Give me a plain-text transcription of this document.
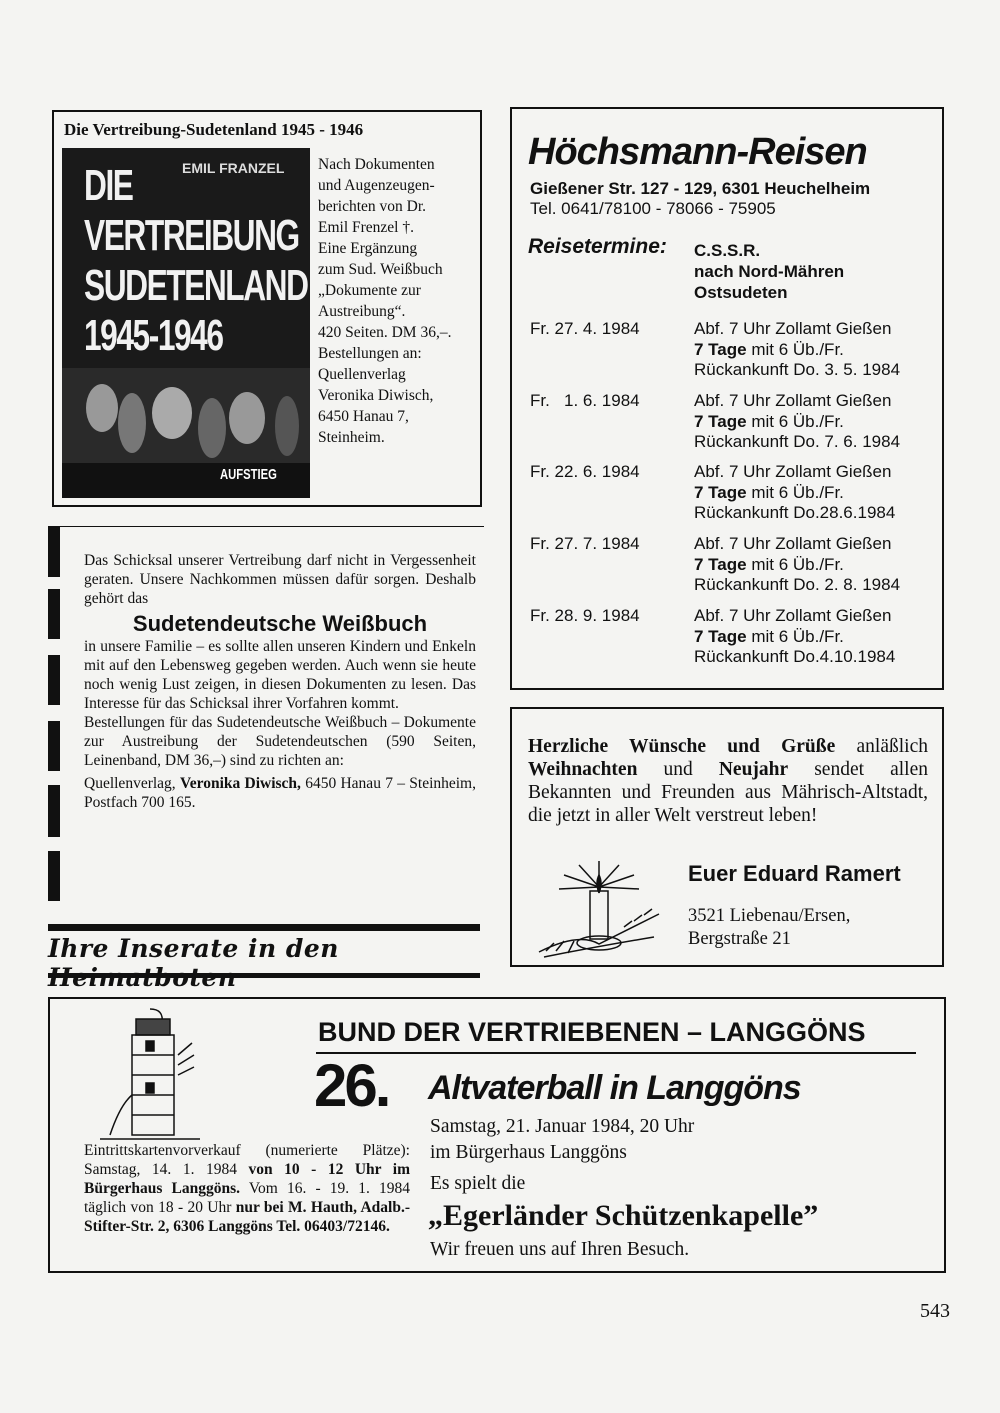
Die Vertreibung-Sudetenland 1945 - 1946
DIE	EMIL FRANZEL
VERTREIBUNG
SUDETENLAND
1945-1946
AUFSTIEG

Nach Dokumenten

und Augenzeugen-

berichten von Dr.

Emil Frenzel †.

Eine Ergänzung

zum Sud. Weißbuch

„Dokumente zur

Austreibung“.

420 Seiten. DM 36,–.

Bestellungen an:

Quellenverlag

Veronika Diwisch,

6450 Hanau 7,

Steinheim.

Das Schicksal unserer Vertreibung darf nicht in Vergessenheit geraten. Unsere Nachkommen müssen dafür sorgen. Deshalb gehört das

Sudetendeutsche Weißbuch

in unsere Familie – es sollte allen unseren Kindern und Enkeln mit auf den Lebensweg gegeben werden. Auch wenn sie heute noch wenig Lust zeigen, in diesen Dokumenten zu lesen. Das Interesse für das Schicksal ihrer Vorfahren kommt.

Bestellungen für das Sudetendeutsche Weißbuch – Dokumente zur Austreibung der Sudetendeutschen (590 Seiten, Leinenband, DM 36,–) sind zu richten an:

Quellenverlag, Veronika Diwisch, 6450 Hanau 7 – Steinheim, Postfach 700 165.

Ihre Inserate in den
Höchsmann-Reisen
Gießener Str. 127 - 129, 6301 Heuchelheim
Tel. 0641/78100 - 78066 - 75905
Reisetermine: C.S.S.R.

nach Nord-Mähren

Ostsudeten

Fr. 27. 4. 1984	Abf. 7 Uhr Zollamt Gießen

7 Tage mit 6 Üb./Fr.

Rückankunft Do. 3. 5. 1984

Fr.   1. 6. 1984	Abf. 7 Uhr Zollamt Gießen

7 Tage mit 6 Üb./Fr.

Rückankunft Do. 7. 6. 1984

Fr. 22. 6. 1984	Abf. 7 Uhr Zollamt Gießen

7 Tage mit 6 Üb./Fr.

Rückankunft Do.28.6.1984

Fr. 27. 7. 1984	Abf. 7 Uhr Zollamt Gießen

7 Tage mit 6 Üb./Fr.

Rückankunft Do. 2. 8. 1984

Fr. 28. 9. 1984	Abf. 7 Uhr Zollamt Gießen

7 Tage mit 6 Üb./Fr.

Rückankunft Do.4.10.1984

Herzliche Wünsche und Grüße anläßlich Weihnachten und Neujahr sendet allen Bekannten und Freunden aus Mährisch-Altstadt, die jetzt in aller Welt verstreut leben!
Euer Eduard Ramert

3521 Liebenau/Ersen,

Bergstraße 21

BUND DER VERTRIEBENEN – LANGGÖNS
26. Altvaterball in Langgöns

Samstag, 21. Januar 1984, 20 Uhr

im Bürgerhaus Langgöns

Es spielt die
„Egerländer Schützenkapelle”
Wir freuen uns auf Ihren Besuch.
Eintrittskartenvorverkauf (numerierte Plätze): Samstag, 14. 1. 1984 von 10 - 12 Uhr im Bürgerhaus Langgöns. Vom 16. - 19. 1. 1984 täglich von 18 - 20 Uhr nur bei M. Hauth, Adalb.-Stifter-Str. 2, 6306 Langgöns Tel. 06403/72146.
543
